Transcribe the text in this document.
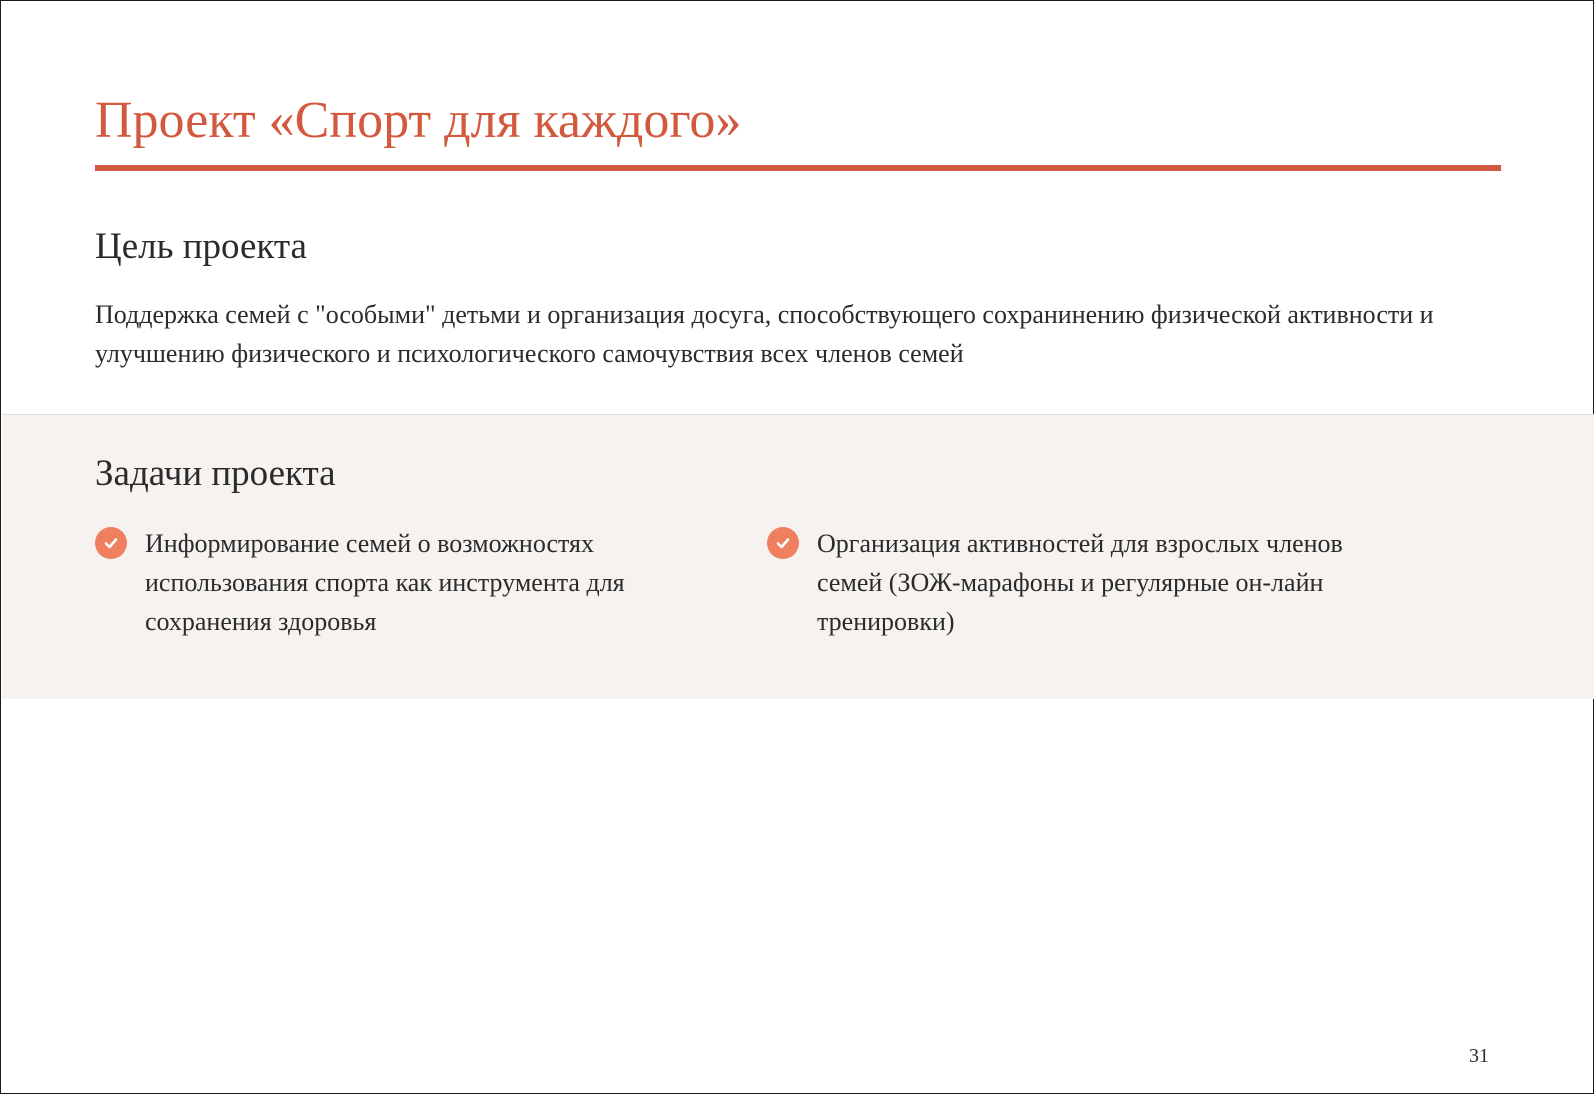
Проект «Спорт для каждого»
Цель проекта

Поддержка семей с "особыми" детьми и организация досуга, способствующего сохранинению физической активности и улучшению физического и психологического самочувствия всех членов семей

Задачи проекта

Информирование семей о возможностях использования спорта как инструмента для сохранения здоровья

Организация активностей для взрослых членов семей (ЗОЖ-марафоны и регулярные он-лайн тренировки)

31
